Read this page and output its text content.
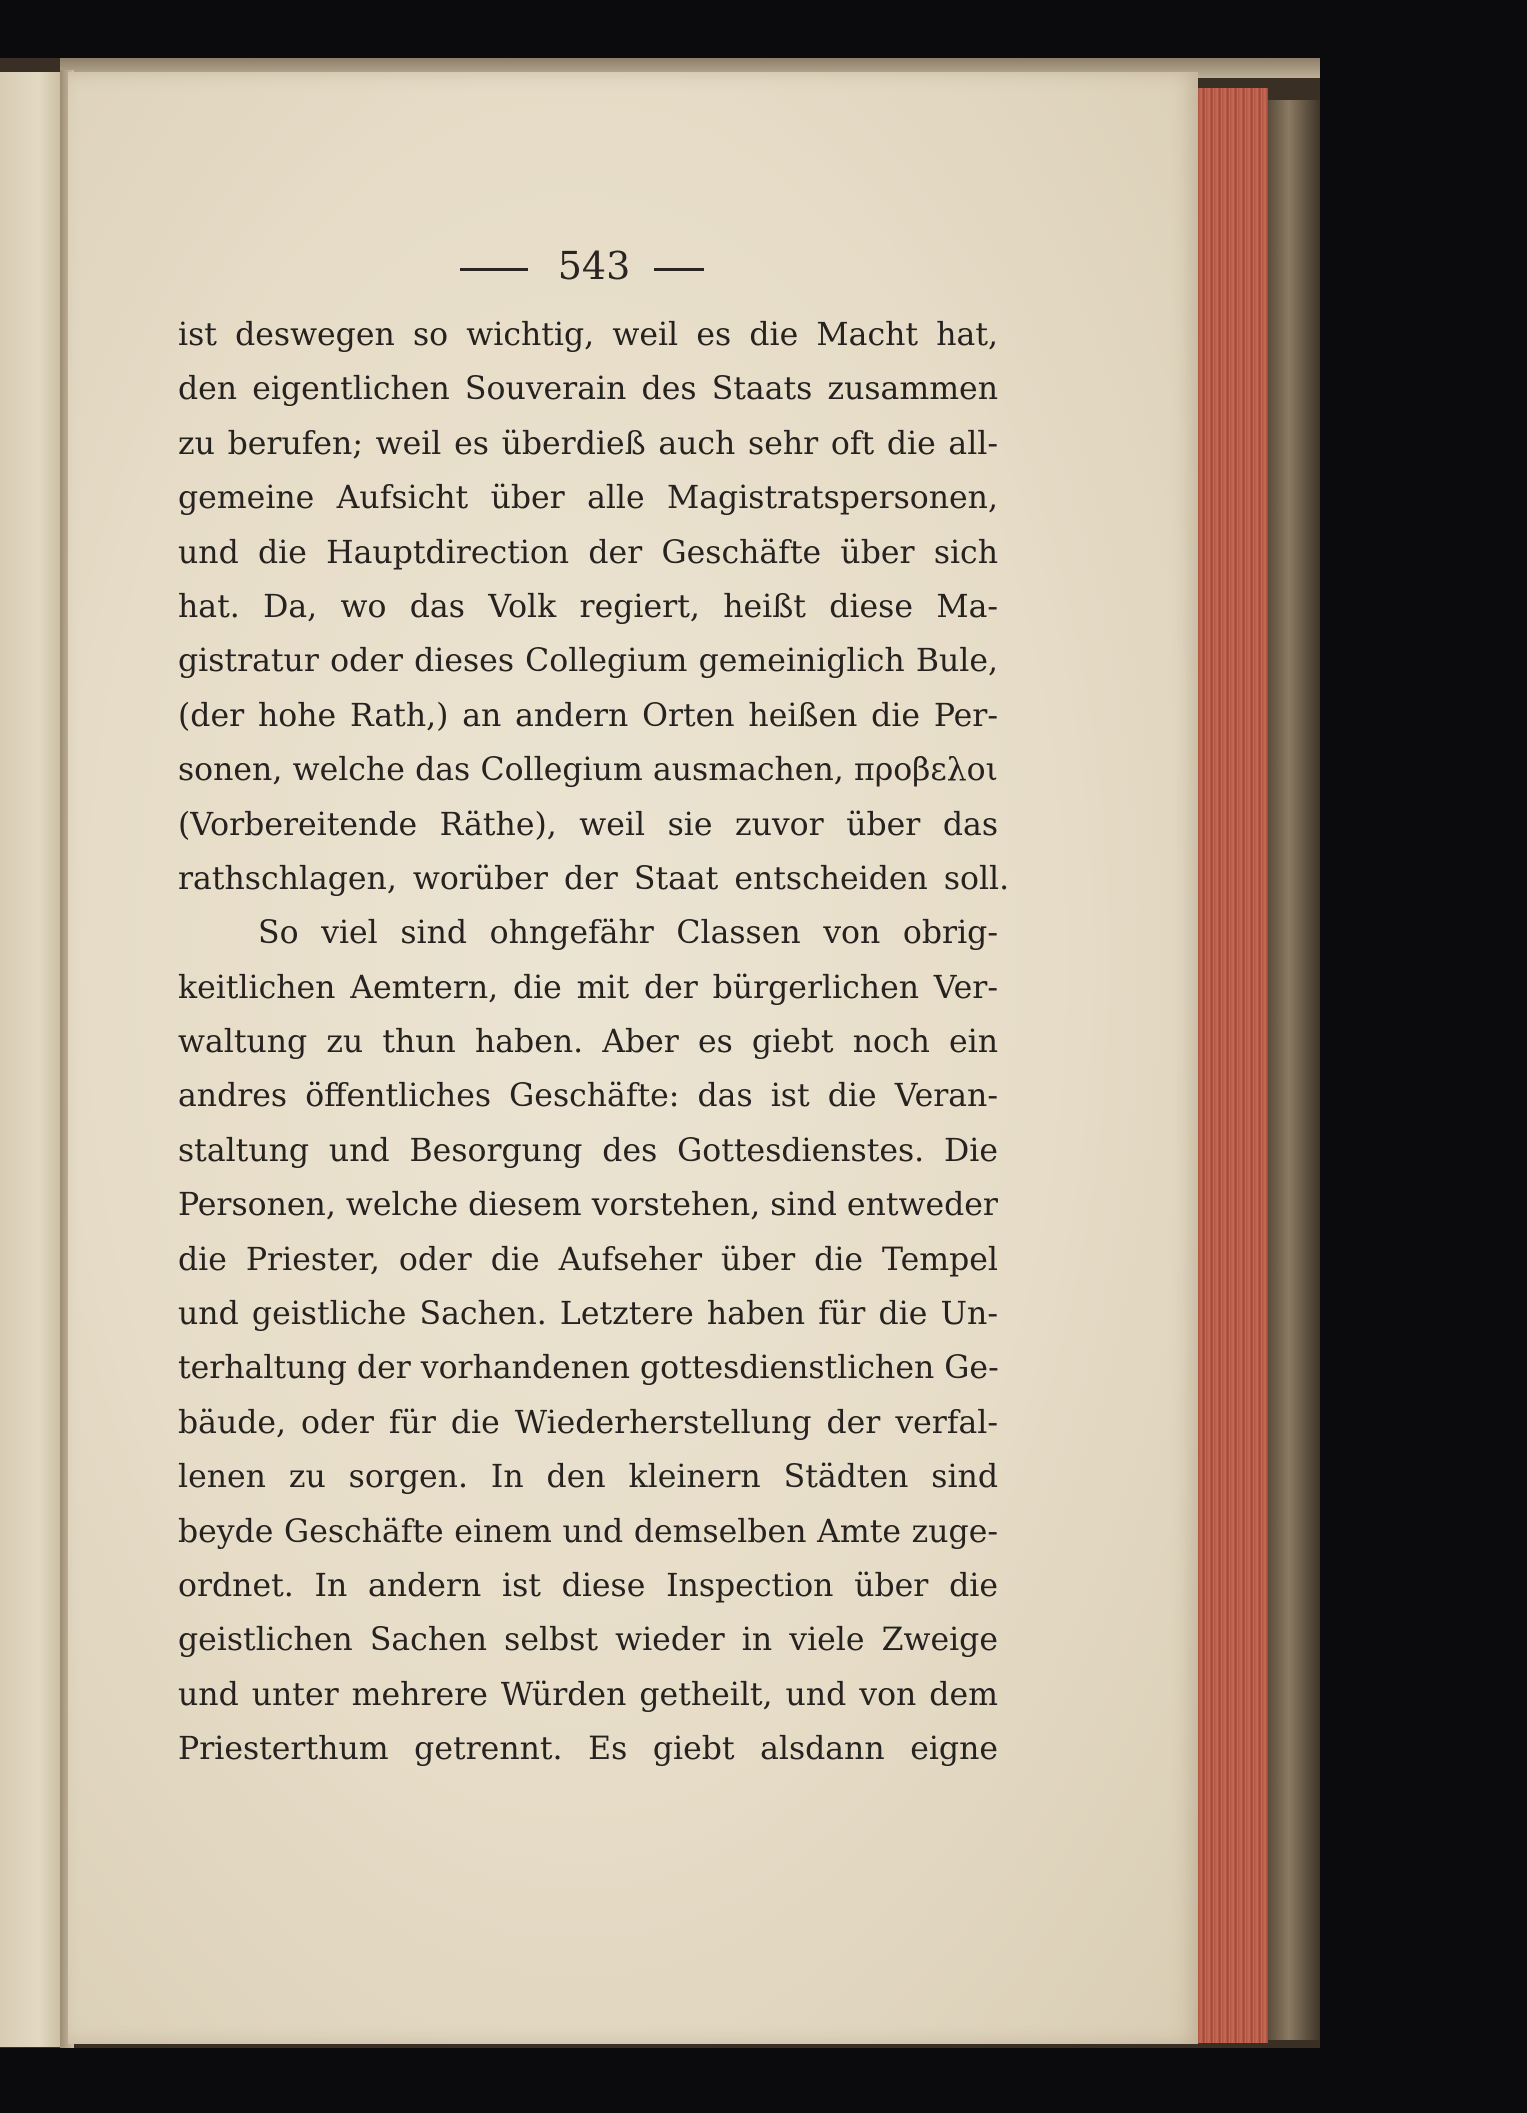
543
ist deswegen so wichtig, weil es die Macht hat,
den eigentlichen Souverain des Staats zusammen
zu berufen; weil es überdieß auch sehr oft die all-
gemeine Aufsicht über alle Magistratspersonen,
und die Hauptdirection der Geschäfte über sich
hat. Da, wo das Volk regiert, heißt diese Ma-
gistratur oder dieses Collegium gemeiniglich Bule,
(der hohe Rath,) an andern Orten heißen die Per-
sonen, welche das Collegium ausmachen, προβελοι
(Vorbereitende Räthe), weil sie zuvor über das
rathschlagen, worüber der Staat entscheiden soll.
So viel sind ohngefähr Classen von obrig-
keitlichen Aemtern, die mit der bürgerlichen Ver-
waltung zu thun haben. Aber es giebt noch ein
andres öffentliches Geschäfte: das ist die Veran-
staltung und Besorgung des Gottesdienstes. Die
Personen, welche diesem vorstehen, sind entweder
die Priester, oder die Aufseher über die Tempel
und geistliche Sachen. Letztere haben für die Un-
terhaltung der vorhandenen gottesdienstlichen Ge-
bäude, oder für die Wiederherstellung der verfal-
lenen zu sorgen. In den kleinern Städten sind
beyde Geschäfte einem und demselben Amte zuge-
ordnet. In andern ist diese Inspection über die
geistlichen Sachen selbst wieder in viele Zweige
und unter mehrere Würden getheilt, und von dem
Priesterthum getrennt. Es giebt alsdann eigne
